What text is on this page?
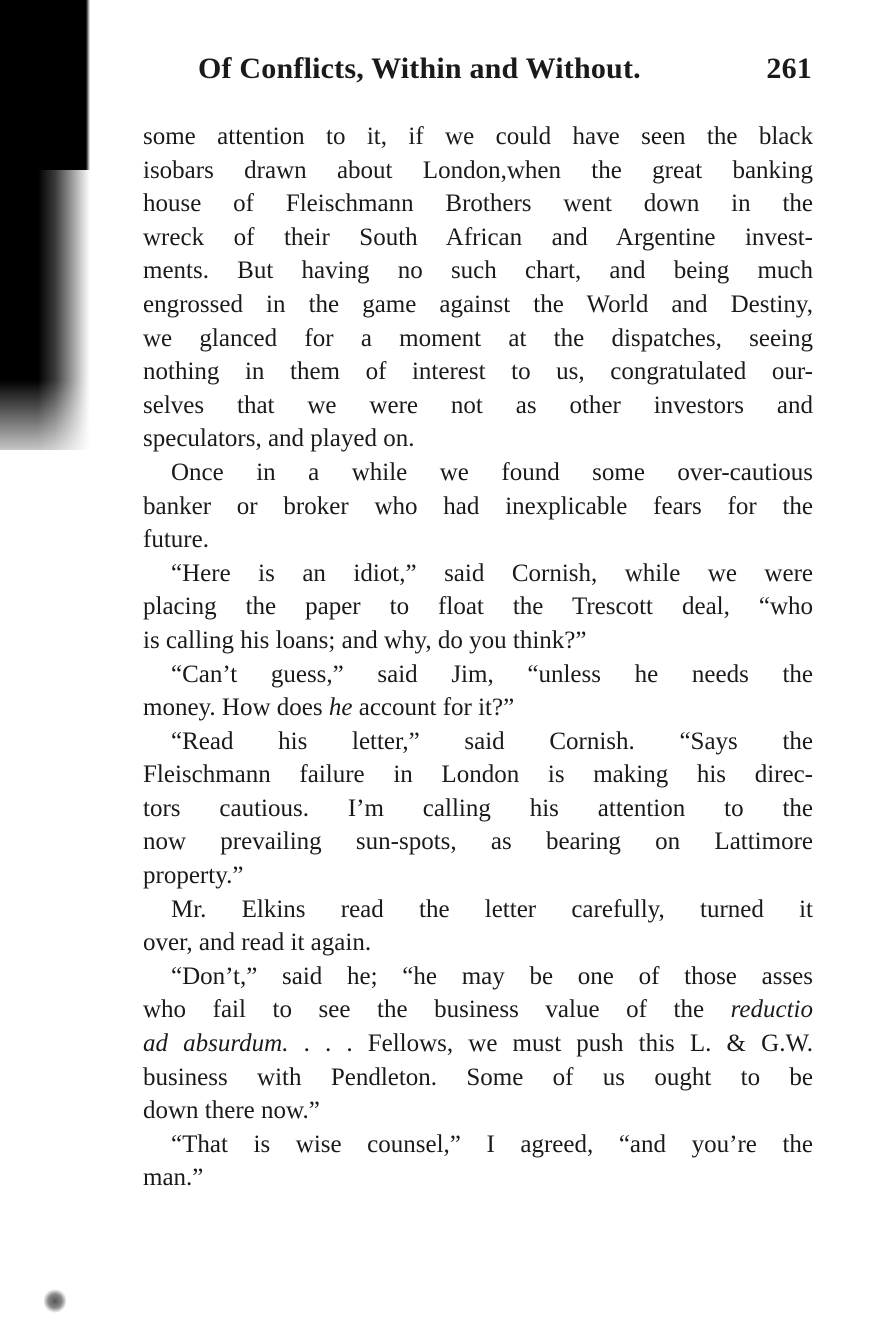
Of Conflicts, Within and Without.	261
some attention to it, if we could have seen the black
isobars drawn about London,when the great banking
house of Fleischmann Brothers went down in the
wreck of their South African and Argentine invest-
ments. But having no such chart, and being much
engrossed in the game against the World and Destiny,
we glanced for a moment at the dispatches, seeing
nothing in them of interest to us, congratulated our-
selves that we were not as other investors and
speculators, and played on.
Once in a while we found some over-cautious
banker or broker who had inexplicable fears for the
future.
“Here is an idiot,” said Cornish, while we were
placing the paper to float the Trescott deal, “who
is calling his loans; and why, do you think?”
“Can’t guess,” said Jim, “unless he needs the
money. How does he account for it?”
“Read his letter,” said Cornish. “Says the
Fleischmann failure in London is making his direc-
tors cautious. I’m calling his attention to the
now prevailing sun-spots, as bearing on Lattimore
property.”
Mr. Elkins read the letter carefully, turned it
over, and read it again.
“Don’t,” said he; “he may be one of those asses
who fail to see the business value of the reductio
ad absurdum. . . . Fellows, we must push this L. & G.W.
business with Pendleton. Some of us ought to be
down there now.”
“That is wise counsel,” I agreed, “and you’re the
man.”
